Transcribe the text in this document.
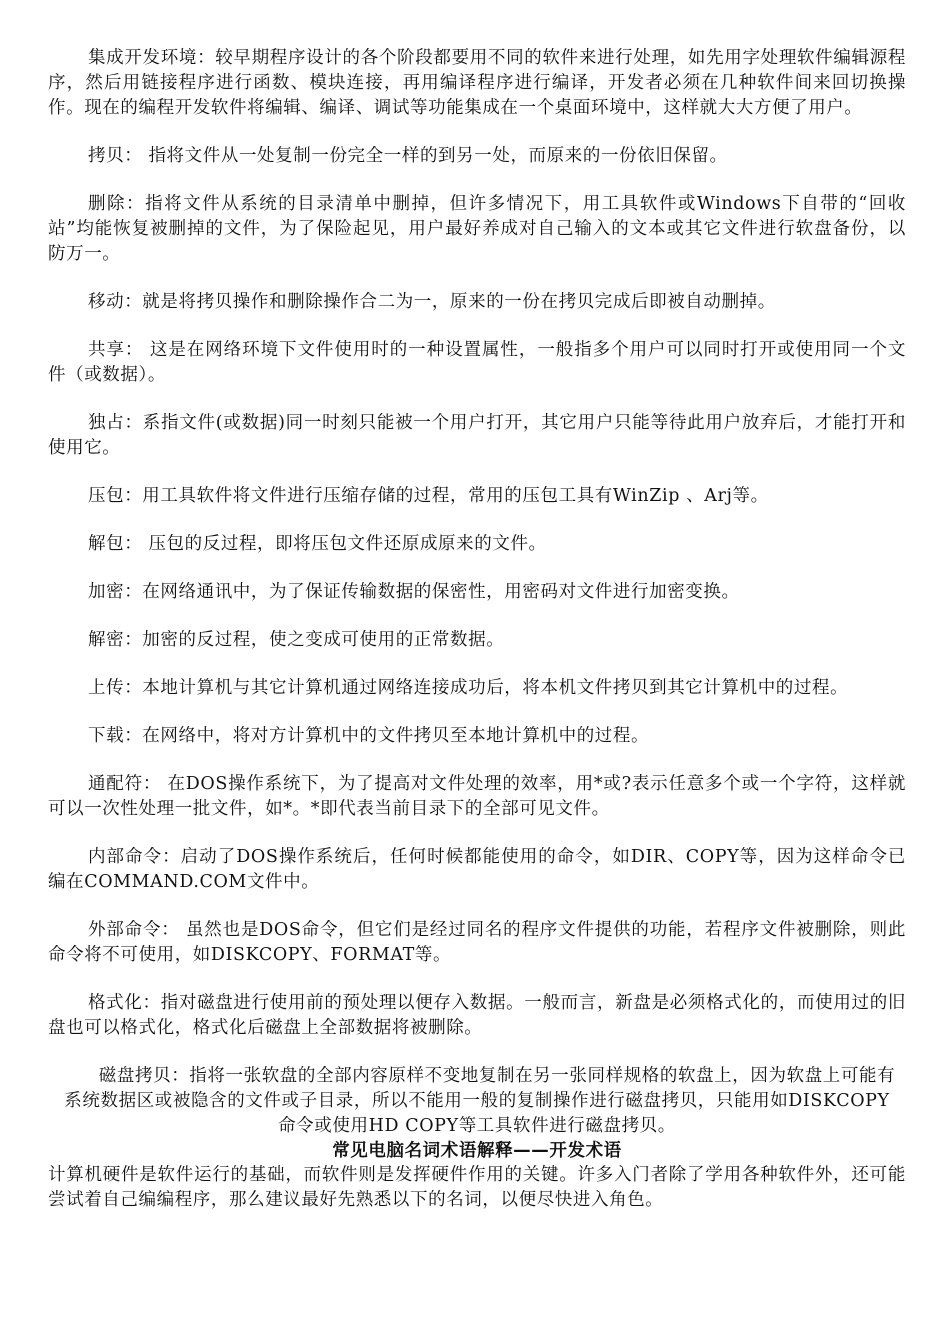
集成开发环境：较早期程序设计的各个阶段都要用不同的软件来进行处理，如先用字处理软件编辑源程序，然后用链接程序进行函数、模块连接，再用编译程序进行编译，开发者必须在几种软件间来回切换操作。现在的编程开发软件将编辑、编译、调试等功能集成在一个桌面环境中，这样就大大方便了用户。

拷贝： 指将文件从一处复制一份完全一样的到另一处，而原来的一份依旧保留。

删除：指将文件从系统的目录清单中删掉，但许多情况下，用工具软件或Windows下自带的“回收站”均能恢复被删掉的文件，为了保险起见，用户最好养成对自己输入的文本或其它文件进行软盘备份，以防万一。

移动：就是将拷贝操作和删除操作合二为一，原来的一份在拷贝完成后即被自动删掉。

共享： 这是在网络环境下文件使用时的一种设置属性，一般指多个用户可以同时打开或使用同一个文件（或数据）。

独占：系指文件(或数据)同一时刻只能被一个用户打开，其它用户只能等待此用户放弃后，才能打开和使用它。

压包：用工具软件将文件进行压缩存储的过程，常用的压包工具有WinZip 、Arj等。

解包： 压包的反过程，即将压包文件还原成原来的文件。

加密：在网络通讯中，为了保证传输数据的保密性，用密码对文件进行加密变换。

解密：加密的反过程，使之变成可使用的正常数据。

上传：本地计算机与其它计算机通过网络连接成功后，将本机文件拷贝到其它计算机中的过程。

下载：在网络中，将对方计算机中的文件拷贝至本地计算机中的过程。

通配符： 在DOS操作系统下，为了提高对文件处理的效率，用*或?表示任意多个或一个字符，这样就可以一次性处理一批文件，如*。*即代表当前目录下的全部可见文件。

内部命令：启动了DOS操作系统后，任何时候都能使用的命令，如DIR、COPY等，因为这样命令已编在COMMAND.COM文件中。

外部命令： 虽然也是DOS命令，但它们是经过同名的程序文件提供的功能，若程序文件被删除，则此命令将不可使用，如DISKCOPY、FORMAT等。

格式化：指对磁盘进行使用前的预处理以便存入数据。一般而言，新盘是必须格式化的，而使用过的旧盘也可以格式化，格式化后磁盘上全部数据将被删除。

磁盘拷贝：指将一张软盘的全部内容原样不变地复制在另一张同样规格的软盘上，因为软盘上可能有系统数据区或被隐含的文件或子目录，所以不能用一般的复制操作进行磁盘拷贝，只能用如DISKCOPY命令或使用HD COPY等工具软件进行磁盘拷贝。

常见电脑名词术语解释——开发术语

计算机硬件是软件运行的基础，而软件则是发挥硬件作用的关键。许多入门者除了学用各种软件外，还可能尝试着自己编编程序，那么建议最好先熟悉以下的名词，以便尽快进入角色。
